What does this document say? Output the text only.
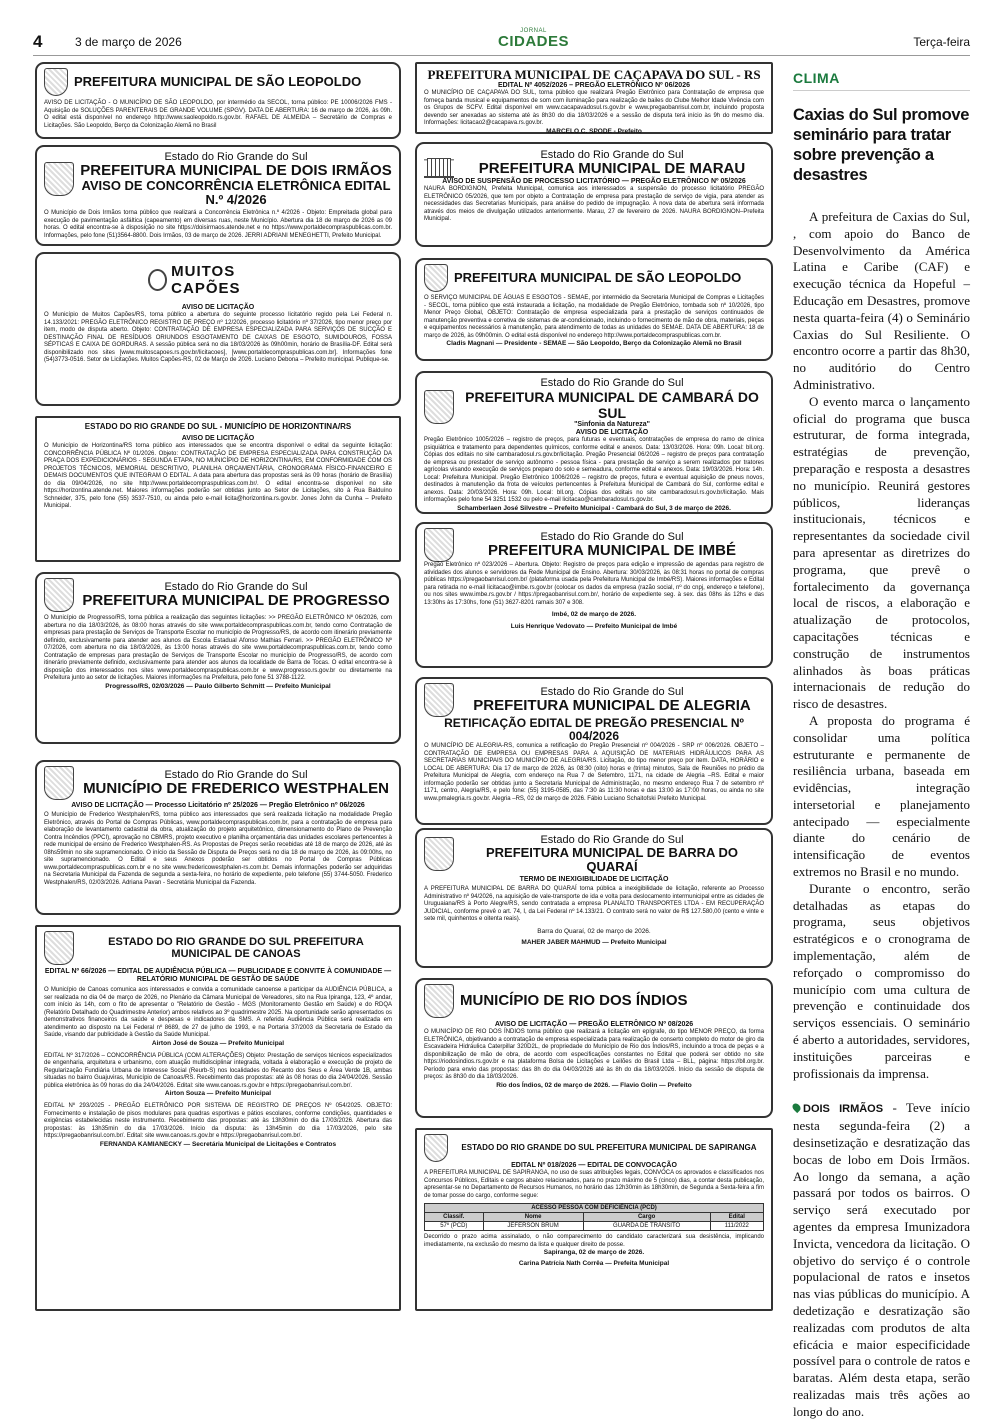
4	3 de março de 2026
JORNAL
CIDADES	Terça-feira
PREFEITURA MUNICIPAL DE SÃO LEOPOLDO
AVISO DE LICITAÇÃO - O MUNICÍPIO DE SÃO LEOPOLDO, por intermédio da SECOL, torna público: PE 10006/2026 FMS - Aquisição de SOLUÇÕES PARENTERAIS DE GRANDE VOLUME (SPGV). DATA DE ABERTURA: 16 de março de 2026, às 09h. O edital está disponível no endereço http://www.saoleopoldo.rs.gov.br. RAFAEL DE ALMEIDA – Secretário de Compras e Licitações. São Leopoldo, Berço da Colonização Alemã no Brasil
Estado do Rio Grande do Sul
PREFEITURA MUNICIPAL DE DOIS IRMÃOS
AVISO DE CONCORRÊNCIA ELETRÔNICA EDITAL N.º 4/2026
O Município de Dois Irmãos torna público que realizará a Concorrência Eletrônica n.º 4/2026 - Objeto: Empreitada global para execução de pavimentação asfáltica (capeamento) em diversas ruas, neste Município. Abertura dia 18 de março de 2026 as 09 horas. O edital encontra-se à disposição no site https://doisirmaos.atende.net e no https://www.portaldecompraspublicas.com.br. Informações, pelo fone (51)3564-8800. Dois Irmãos, 03 de março de 2026. JERRI ADRIANI MENEGHETTI, Prefeito Municipal.
MUITOS CAPÕES
AVISO DE LICITAÇÃO
O Município de Muitos Capões/RS, torna público a abertura do seguinte processo licitatório regido pela Lei Federal n. 14.133/2021: PREGÃO ELETRÔNICO REGISTRO DE PREÇO nº 12/2026, processo licitatório nº 37/2026, tipo menor preço por item, modo de disputa aberto. Objeto: CONTRATAÇÃO DE EMPRESA ESPECIALIZADA PARA SERVIÇOS DE SUCÇÃO E DESTINAÇÃO FINAL DE RESÍDUOS ORIUNDOS ESGOTAMENTO DE CAIXAS DE ESGOTO, SUMIDOUROS, FOSSA SÉPTICAS E CAIXA DE GORDURAS. A sessão pública será no dia 18/03/2026 às 09h00min, horário de Brasília-DF. Edital será disponibilizado nos sites [www.muitoscapoes.rs.gov.br/licitacoes], [www.portaldecompraspublicas.com.br]. Informações fone (54)3773-0516. Setor de Licitações. Muitos Capões-RS, 02 de Março de 2026. Luciano Debona – Prefeito municipal. Publique-se.
ESTADO DO RIO GRANDE DO SUL - MUNICÍPIO DE HORIZONTINA/RS
AVISO DE LICITAÇÃO
O Município de Horizontina/RS torna público aos interessados que se encontra disponível o edital da seguinte licitação: CONCORRÊNCIA PÚBLICA Nº 01/2026. Objeto: CONTRATAÇÃO DE EMPRESA ESPECIALIZADA PARA CONSTRUÇÃO DA PRAÇA DOS EXPEDICIONÁRIOS - SEGUNDA ETAPA, NO MUNICÍPIO DE HORIZONTINA/RS, EM CONFORMIDADE COM OS PROJETOS TÉCNICOS, MEMORIAL DESCRITIVO, PLANILHA ORÇAMENTÁRIA, CRONOGRAMA FÍSICO-FINANCEIRO E DEMAIS DOCUMENTOS QUE INTEGRAM O EDITAL. A data para abertura das propostas será às 09 horas (horário de Brasília) do dia 09/04/2026, no site http://www.portaldecompraspublicas.com.br/. O edital encontra-se disponível no site https://horizontina.atende.net. Maiores informações poderão ser obtidas junto ao Setor de Licitações, sito à Rua Balduíno Schneider, 375, pelo fone (55) 3537-7510, ou ainda pelo e-mail licita@horizontina.rs.gov.br. Jones John da Cunha – Prefeito Municipal.
Estado do Rio Grande do Sul
PREFEITURA MUNICIPAL DE PROGRESSO
O Município de Progresso/RS, torna pública a realização das seguintes licitações: >> PREGÃO ELETRÔNICO Nº 06/2026, com abertura no dia 18/03/2026, às 08:00 horas através do site www.portaldecompraspublicas.com.br, tendo como Contratação de empresas para prestação de Serviços de Transporte Escolar no município de Progresso/RS, de acordo com itinerário previamente definido, exclusivamente para atender aos alunos da Escola Estadual Afonso Mathias Ferrari. >> PREGÃO ELETRÔNICO Nº 07/2026, com abertura no dia 18/03/2026, às 13:00 horas através do site www.portaldecompraspublicas.com.br, tendo como Contratação de empresas para prestação de Serviços de Transporte Escolar no município de Progresso/RS, de acordo com itinerário previamente definido, exclusivamente para atender aos alunos da localidade de Barra de Tocas. O edital encontra-se à disposição dos interessados nos sites www.portaldecompraspublicas.com.br e www.progresso.rs.gov.br ou diretamente na Prefeitura junto ao setor de licitações. Maiores informações na Prefeitura, pelo fone 51 3788-1122.
Progresso/RS, 02/03/2026 — Paulo Gilberto Schmitt — Prefeito Municipal
Estado do Rio Grande do Sul
MUNICÍPIO DE FREDERICO WESTPHALEN
AVISO DE LICITAÇÃO — Processo Licitatório nº 25/2026 — Pregão Eletrônico nº 06/2026
O Município de Frederico Westphalen/RS, torna público aos interessados que será realizada licitação na modalidade Pregão Eletrônico, através do Portal de Compras Públicas, www.portaldecompraspublicas.com.br, para a contratação de empresa para elaboração de levantamento cadastral da obra, atualização do projeto arquitetônico, dimensionamento do Plano de Prevenção Contra Incêndios (PPCI), aprovação no CBMRS, projeto executivo e planilha orçamentária das unidades escolares pertencentes à rede municipal de ensino de Frederico Westphalen-RS. As Propostas de Preços serão recebidas até 18 de março de 2026, até às 08hs59min no site supramencionado. O início da Sessão de Disputa de Preços será no dia 18 de março de 2026, às 09:00hs, no site supramencionado. O Edital e seus Anexos poderão ser obtidos no Portal de Compras Públicas www.portaldecompraspublicas.com.br e no site www.fredericowestphalen-rs.com.br. Demais informações poderão ser adquiridas na Secretaria Municipal da Fazenda de segunda a sexta-feira, no horário de expediente, pelo telefone (55) 3744-5050. Frederico Westphalen/RS, 02/03/2026. Adriana Pavan - Secretária Municipal da Fazenda.
ESTADO DO RIO GRANDE DO SUL PREFEITURA MUNICIPAL DE CANOAS
EDITAL Nº 66/2026 — EDITAL DE AUDIÊNCIA PÚBLICA — PUBLICIDADE E CONVITE À COMUNIDADE — RELATÓRIO MUNICIPAL DE GESTÃO DE SAÚDE
O Município de Canoas comunica aos interessados e convida a comunidade canoense a participar da AUDIÊNCIA PÚBLICA, a ser realizada no dia 04 de março de 2026, no Plenário da Câmara Municipal de Vereadores, sito na Rua Ipiranga, 123, 4º andar, com início às 14h, com o fito de apresentar o "Relatório de Gestão - MGS (Monitoramento Gestão em Saúde) e do RDQA (Relatório Detalhado do Quadrimestre Anterior) ambos relativos ao 3º quadrimestre 2025. Na oportunidade serão apresentados os demonstrativos financeiros da saúde e despesas e indicadores da SMS. A referida Audiência Pública será realizada em atendimento ao disposto na Lei Federal nº 8689, de 27 de julho de 1993, e na Portaria 37/2003 da Secretaria de Estado da Saúde, visando dar publicidade à Gestão da Saúde Municipal.
Airton José de Souza — Prefeito Municipal
EDITAL Nº 317/2026 – CONCORRÊNCIA PÚBLICA (COM ALTERAÇÕES) Objeto: Prestação de serviços técnicos especializados de engenharia, arquitetura e urbanismo, com atuação multidisciplinar integrada, voltada à elaboração e execução de projeto de Regularização Fundiária Urbana de Interesse Social (Reurb-S) nos localidades do Recanto dos Seus e Área Verde 1B, ambas situadas no bairro Guajuviras, Município de Canoas/RS. Recebimento das propostas: até às 08 horas do dia 24/04/2026. Sessão pública eletrônica às 09 horas do dia 24/04/2026. Edital: site www.canoas.rs.gov.br e https://pregaobanrisul.com.br/.
Airton Souza — Prefeito Municipal
EDITAL Nº 293/2025 - PREGÃO ELETRÔNICO POR SISTEMA DE REGISTRO DE PREÇOS Nº 054/2025. OBJETO: Fornecimento e instalação de pisos modulares para quadras esportivas e pátios escolares, conforme condições, quantidades e exigências estabelecidas neste instrumento. Recebimento das propostas: até às 13h30min do dia 17/03/2026. Abertura das propostas: às 13h35min do dia 17/03/2026. Início da disputa: às 13h45min do dia 17/03/2026, pelo site https://pregaobanrisul.com.br/. Edital: site www.canoas.rs.gov.br e https://pregaobanrisul.com.br/.
FERNANDA KAMIANECKY — Secretária Municipal de Licitações e Contratos
PREFEITURA MUNICIPAL DE CAÇAPAVA DO SUL - RS
EDITAL Nº 4052/2026 – PREGÃO ELETRÔNICO Nº 06/2026
O MUNICÍPIO DE CAÇAPAVA DO SUL, torna público que realizará Pregão Eletrônico para Contratação de empresa que forneça banda musical e equipamentos de som com iluminação para realização de bailes do Clube Melhor Idade Vivência com os Grupos de SCFV. Edital disponível em www.cacapavadosul.rs.gov.br e www.pregaobanrisul.com.br, incluindo proposta devendo ser anexadas ao sistema até às 8h30 do dia 18/03/2026 e a sessão de disputa terá início às 9h do mesmo dia. Informações: licitacao2@cacapava.rs.gov.br.
MARCELO C. SPODE - Prefeito
Estado do Rio Grande do Sul
PREFEITURA MUNICIPAL DE MARAU
AVISO DE SUSPENSÃO DE PROCESSO LICITATÓRIO — PREGÃO ELETRÔNICO Nº 05/2026
NAURA BORDIGNON, Prefeita Municipal, comunica aos interessados a suspensão do processo licitatório PREGÃO ELETRÔNICO 05/2026, que tem por objeto a Contratação de empresa para prestação de serviço de vigia, para atender as necessidades das Secretarias Municipais, para análise do pedido de impugnação. A nova data de abertura será informada através dos meios de divulgação utilizados anteriormente. Marau, 27 de fevereiro de 2026. NAURA BORDIGNON–Prefeita Municipal.
PREFEITURA MUNICIPAL DE SÃO LEOPOLDO
O SERVIÇO MUNICIPAL DE ÁGUAS E ESGOTOS - SEMAE, por intermédio da Secretaria Municipal de Compras e Licitações - SECOL, torna público que está instaurada a licitação, na modalidade de Pregão Eletrônico, tombada sob nº 10/2026, tipo Menor Preço Global, OBJETO: Contratação de empresa especializada para a prestação de serviços continuados de manutenção preventiva e corretiva de sistemas de ar-condicionado, incluindo o fornecimento de mão de obra, materiais, peças e equipamentos necessários à manutenção, para atendimento de todas as unidades do SEMAE. DATA DE ABERTURA: 18 de março de 2026, às 09h00min. O edital está disponível no endereço http://www.portaldecompraspublicas.com.br.
Cladis Magnani — Presidente - SEMAE — São Leopoldo, Berço da Colonização Alemã no Brasil
Estado do Rio Grande do Sul
PREFEITURA MUNICIPAL DE CAMBARÁ DO SUL
"Sinfonia da Natureza"
AVISO DE LICITAÇÃO
Pregão Eletrônico 1005/2026 – registro de preços, para futuras e eventuais, contratações de empresa do ramo de clínica psiquiátrica e tratamento para dependentes químicos, conforme edital e anexos. Data: 13/03/2026. Hora: 09h. Local: bll.org. Cópias dos editais no site cambaradosul.rs.gov.br/licitação. Pregão Presencial 06/2026 – registro de preços para contratação de empresa ou prestador de serviço autônomo - pessoa física - para prestação de serviço a serem realizados por tratores agrícolas visando execução de serviços preparo do solo e semeadura, conforme edital e anexos. Data: 19/03/2026. Hora: 14h. Local: Prefeitura Municipal. Pregão Eletrônico 1006/2026 – registro de preços, futura e eventual aquisição de pneus novos, destinados à manutenção da frota de veículos pertencentes à Prefeitura Municipal de Cambará do Sul, conforme edital e anexos. Data: 20/03/2026. Hora: 09h. Local: bll.org. Cópias dos editais no site cambaradosul.rs.gov.br/licitação. Mais informações pelo fone 54 3251 1532 ou pelo e-mail licitacao@cambaradosul.rs.gov.br.
Schamberlaen José Silvestre – Prefeito Municipal - Cambará do Sul, 3 de março de 2026.
Estado do Rio Grande do Sul
PREFEITURA MUNICIPAL DE IMBÉ
Pregão Eletrônico nº 023/2026 – Abertura. Objeto: Registro de preços para edição e impressão de agendas para registro de atividades dos alunos e servidores da Rede Municipal de Ensino. Abertura: 30/03/2026, às 08:31 horas no portal de compras públicas https://pregaobanrisul.com.br/ (plataforma usada pela Prefeitura Municipal de Imbé/RS). Maiores informações e Edital para retirada no e-mail licitacao@imbe.rs.gov.br (colocar os dados da empresa (razão social, nº do cnpj, endereço e telefone), ou nos sites www.imbe.rs.gov.br / https://pregaobanrisul.com.br/, horário de expediente seg. à sex. das 08hs às 12hs e das 13:30hs às 17:30hs, fone (51) 3627-8201 ramais 307 e 308.
Imbé, 02 de março de 2026.
Luis Henrique Vedovato — Prefeito Municipal de Imbé
Estado do Rio Grande do Sul
PREFEITURA MUNICIPAL DE ALEGRIA
RETIFICAÇÃO EDITAL DE PREGÃO PRESENCIAL Nº 004/2026
O MUNICÍPIO DE ALEGRIA-RS, comunica a retificação do Pregão Presencial nº 004/2026 - SRP nº 006/2026. OBJETO – CONTRATAÇÃO DE EMPRESA OU EMPRESAS PARA A AQUISIÇÃO DE MATERIAIS HIDRÁULICOS PARA AS SECRETARIAS MUNICIPAIS DO MUNICÍPIO DE ALEGRIA/RS. Licitação, do tipo menor preço por item. DATA, HORÁRIO e LOCAL DE ABERTURA: Dia 17 de março de 2026, às 08:30 (oito) horas e (trinta) minutos, Sala de Reuniões no prédio da Prefeitura Municipal de Alegria, com endereço na Rua 7 de Setembro, 1171, na cidade de Alegria –RS. Edital e maior informação poderão ser obtidas junto a Secretaria Municipal de Administração, no mesmo endereço Rua 7 de setembro nº 1171, centro, Alegria/RS, e pelo fone: (55) 3195-0585, das 7:30 às 11:30 horas e das 13:00 às 17:00 horas, ou ainda no site www.pmalegria.rs.gov.br. Alegria –RS, 02 de março de 2026. Fábio Luciano Schaitofski Prefeito Municipal.
Estado do Rio Grande do Sul
PREFEITURA MUNICIPAL DE BARRA DO QUARAÍ
TERMO DE INEXIGIBILIDADE DE LICITAÇÃO
A PREFEITURA MUNICIPAL DE BARRA DO QUARAÍ torna pública a inexigibilidade de licitação, referente ao Processo Administrativo nº 94/2026, na aquisição de vale-transporte de ida e volta para deslocamento intermunicipal entre as cidades de Uruguaiana/RS à Porto Alegre/RS, sendo contratada a empresa PLANALTO TRANSPORTES LTDA - EM RECUPERAÇÃO JUDICIAL, conforme prevê o art. 74, I, da Lei Federal nº 14.133/21. O contrato será no valor de R$ 127.580,00 (cento e vinte e sete mil, quinhentos e oitenta reais).
Barra do Quaraí, 02 de março de 2026.
MAHER JABER MAHMUD — Prefeito Municipal
MUNICÍPIO DE RIO DOS ÍNDIOS
AVISO DE LICITAÇÃO — PREGÃO ELETRÔNICO Nº 08/2026
O MUNICÍPIO DE RIO DOS ÍNDIOS torna público que realizará a licitação em epígrafe, do tipo MENOR PREÇO, da forma ELETRÔNICA, objetivando a contratação de empresa especializada para realização de conserto completo do motor de giro da Escavadeira Hidráulica Caterpillar 320D2L, de propriedade do Município de Rio dos Índios/RS, incluindo a troca de peças e a disponibilização de mão de obra, de acordo com especificações constantes no Edital que poderá ser obtido no site https://riodosindios.rs.gov.br e na plataforma Bolsa de Licitações e Leilões do Brasil Ltda – BLL, página: https://bll.org.br. Período para envio das propostas: das 8h do dia 04/03/2026 até às 8h do dia 18/03/2026. Início da sessão de disputa de preços: às 8h30 do dia 18/03/2026.
Rio dos Índios, 02 de março de 2026. — Flavio Golin — Prefeito
ESTADO DO RIO GRANDE DO SUL PREFEITURA MUNICIPAL DE SAPIRANGA
EDITAL Nº 018/2026 — EDITAL DE CONVOCAÇÃO
A PREFEITURA MUNICIPAL DE SAPIRANGA, no uso de suas atribuições legais, CONVOCA os aprovados e classificados nos Concursos Públicos, Editais e cargos abaixo relacionados, para no prazo máximo de 5 (cinco) dias, a contar desta publicação, apresentar-se no Departamento de Recursos Humanos, no horário das 12h30min às 18h30min, de Segunda a Sexta-feira a fim de tomar posse do cargo, conforme segue:
ACESSO PESSOA COM DEFICIÊNCIA (PCD)			
Classif.	Nome	Cargo	Edital
57º (PCD)	JEFERSON BRUM	GUARDA DE TRÂNSITO	111/2022
Decorrido o prazo acima assinalado, o não comparecimento do candidato caracterizará sua desistência, implicando imediatamente, na exclusão do mesmo da lista e qualquer direito de posse.
Sapiranga, 02 de março de 2026.
Carina Patrícia Nath Corrêa — Prefeita Municipal
CLIMA
Caxias do Sul promove seminário para tratar sobre prevenção a desastres

A prefeitura de Caxias do Sul, , com apoio do Banco de Desenvolvimento da América Latina e Caribe (CAF) e execução técnica da Hopeful – Educação em Desastres, promove nesta quarta-feira (4) o Seminário Caxias do Sul Resiliente. O encontro ocorre a partir das 8h30, no auditório do Centro Administrativo.

O evento marca o lançamento oficial do programa que busca estruturar, de forma integrada, estratégias de prevenção, preparação e resposta a desastres no município. Reunirá gestores públicos, lideranças institucionais, técnicos e representantes da sociedade civil para apresentar as diretrizes do programa, que prevê o fortalecimento da governança local de riscos, a elaboração e atualização de protocolos, capacitações técnicas e construção de instrumentos alinhados às boas práticas internacionais de redução do risco de desastres.

A proposta do programa é consolidar uma política estruturante e permanente de resiliência urbana, baseada em evidências, integração intersetorial e planejamento antecipado — especialmente diante do cenário de intensificação de eventos extremos no Brasil e no mundo.

Durante o encontro, serão detalhadas as etapas do programa, seus objetivos estratégicos e o cronograma de implementação, além de reforçado o compromisso do município com uma cultura de prevenção e continuidade dos serviços essenciais. O seminário é aberto a autoridades, servidores, instituições parceiras e profissionais da imprensa.

DOIS IRMÃOS - Teve início nesta segunda-feira (2) a desinsetização e desratização das bocas de lobo em Dois Irmãos. Ao longo da semana, a ação passará por todos os bairros. O serviço será executado por agentes da empresa Imunizadora Invicta, vencedora da licitação. O objetivo do serviço é o controle populacional de ratos e insetos nas vias públicas do município. A dedetização e desratização são realizadas com produtos de alta eficácia e maior especificidade possível para o controle de ratos e baratas. Além desta etapa, serão realizadas mais três ações ao longo do ano.
